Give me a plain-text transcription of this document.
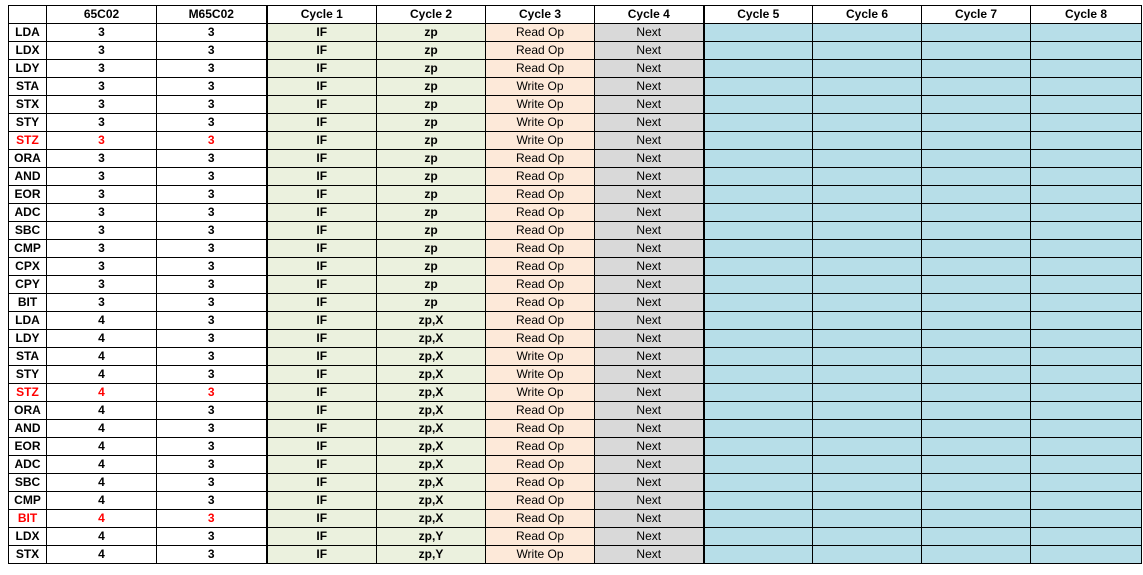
	65C02	M65C02	Cycle 1	Cycle 2	Cycle 3	Cycle 4	Cycle 5	Cycle 6	Cycle 7	Cycle 8
LDA	3	3	IF	zp	Read Op	Next				
LDX	3	3	IF	zp	Read Op	Next				
LDY	3	3	IF	zp	Read Op	Next				
STA	3	3	IF	zp	Write Op	Next				
STX	3	3	IF	zp	Write Op	Next				
STY	3	3	IF	zp	Write Op	Next				
STZ	3	3	IF	zp	Write Op	Next				
ORA	3	3	IF	zp	Read Op	Next				
AND	3	3	IF	zp	Read Op	Next				
EOR	3	3	IF	zp	Read Op	Next				
ADC	3	3	IF	zp	Read Op	Next				
SBC	3	3	IF	zp	Read Op	Next				
CMP	3	3	IF	zp	Read Op	Next				
CPX	3	3	IF	zp	Read Op	Next				
CPY	3	3	IF	zp	Read Op	Next				
BIT	3	3	IF	zp	Read Op	Next				
LDA	4	3	IF	zp,X	Read Op	Next				
LDY	4	3	IF	zp,X	Read Op	Next				
STA	4	3	IF	zp,X	Write Op	Next				
STY	4	3	IF	zp,X	Write Op	Next				
STZ	4	3	IF	zp,X	Write Op	Next				
ORA	4	3	IF	zp,X	Read Op	Next				
AND	4	3	IF	zp,X	Read Op	Next				
EOR	4	3	IF	zp,X	Read Op	Next				
ADC	4	3	IF	zp,X	Read Op	Next				
SBC	4	3	IF	zp,X	Read Op	Next				
CMP	4	3	IF	zp,X	Read Op	Next				
BIT	4	3	IF	zp,X	Read Op	Next				
LDX	4	3	IF	zp,Y	Read Op	Next				
STX	4	3	IF	zp,Y	Write Op	Next				
